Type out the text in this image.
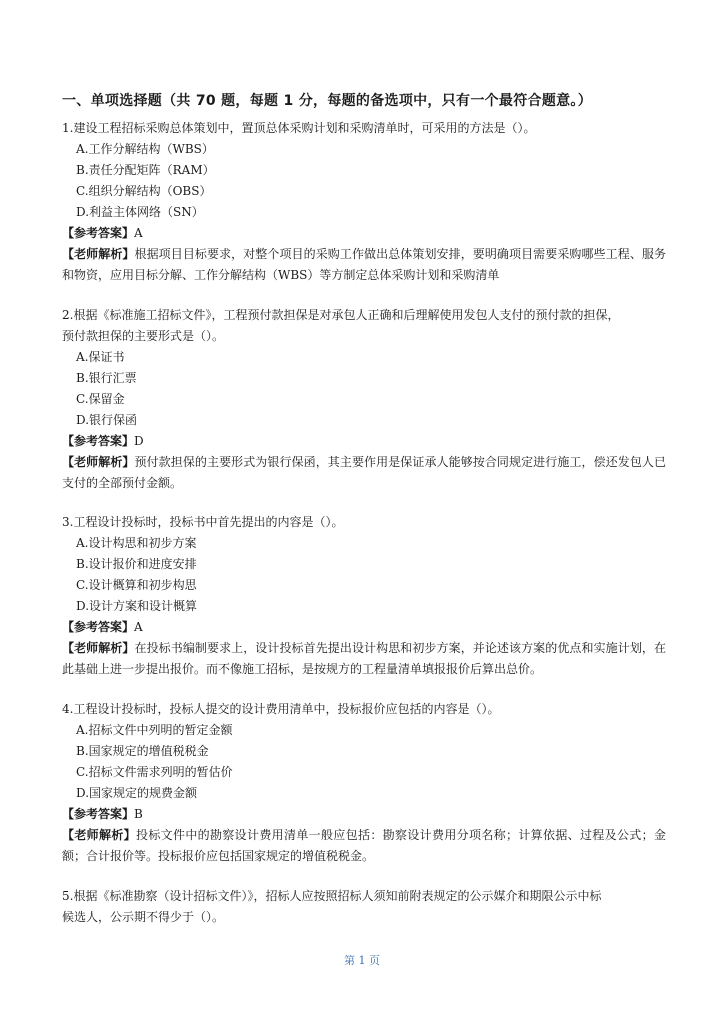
一、单项选择题（共 70 题，每题 1 分，每题的备选项中，只有一个最符合题意。）
1.建设工程招标采购总体策划中，置顶总体采购计划和采购清单时，可采用的方法是（）。
A.工作分解结构（WBS）
B.责任分配矩阵（RAM）
C.组织分解结构（OBS）
D.利益主体网络（SN）
【参考答案】A
【老师解析】根据项目目标要求，对整个项目的采购工作做出总体策划安排，要明确项目需要采购哪些工程、服务和物资，应用目标分解、工作分解结构（WBS）等方制定总体采购计划和采购清单
2.根据《标准施工招标文件》，工程预付款担保是对承包人正确和后理解使用发包人支付的预付款的担保，
预付款担保的主要形式是（）。
A.保证书
B.银行汇票
C.保留金
D.银行保函
【参考答案】D
【老师解析】预付款担保的主要形式为银行保函，其主要作用是保证承人能够按合同规定进行施工，偿还发包人已支付的全部预付金额。
3.工程设计投标时，投标书中首先提出的内容是（）。
A.设计构思和初步方案
B.设计报价和进度安排
C.设计概算和初步构思
D.设计方案和设计概算
【参考答案】A
【老师解析】在投标书编制要求上，设计投标首先提出设计构思和初步方案，并论述该方案的优点和实施计划，在此基础上进一步提出报价。而不像施工招标，是按规方的工程量清单填报报价后算出总价。
4.工程设计投标时，投标人提交的设计费用清单中，投标报价应包括的内容是（）。
A.招标文件中列明的暂定金额
B.国家规定的增值税税金
C.招标文件需求列明的暂估价
D.国家规定的规费金额
【参考答案】B
【老师解析】投标文件中的勘察设计费用清单一般应包括：勘察设计费用分项名称；计算依据、过程及公式；金额；合计报价等。投标报价应包括国家规定的增值税税金。
5.根据《标准勘察（设计招标文件）》，招标人应按照招标人须知前附表规定的公示媒介和期限公示中标
候选人，公示期不得少于（）。
第 1 页
